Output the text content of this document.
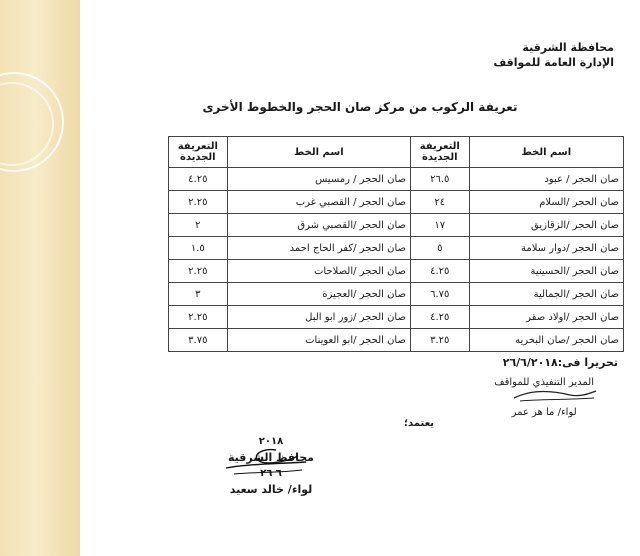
محافظة الشرقية
الإدارة العامة للمواقف
تعريفة الركوب من مركز صان الحجر والخطوط الأخرى
اسم الخط	التعريفة الجديدة	اسم الخط	التعريفة الجديدة
صان الحجر / عبود	٢٦.٥	صان الحجر / رمسيس	٤.٢٥
صان الحجر /السلام	٢٤	صان الحجر / القصبي غرب	٢.٢٥
صان الحجر /الزقازيق	١٧	صان الحجر /القصبي شرق	٢
صان الحجر /دوار سلامة	٥	صان الحجر /كفر الحاج احمد	١.٥
صان الحجر /الحسينية	٤.٢٥	صان الحجر /الصلاحات	٢.٢٥
صان الحجر /الجمالية	٦.٧٥	صان الحجر /العجيزة	٣
صان الحجر /اولاد صقر	٤.٢٥	صان الحجر /زور ابو البل	٢.٢٥
صان الحجر /صان البحريه	٣.٢٥	صان الحجر /ابو العوينات	٣.٧٥
تحريرا فى:٢٦/٦/٢٠١٨
المدير التنفيذي للمواقف
لواء/ ما هر عمر
يعتمد؛
٢٠١٨
محافظ الشرقية
٦ ٢٦
لواء/ خالد سعيد
